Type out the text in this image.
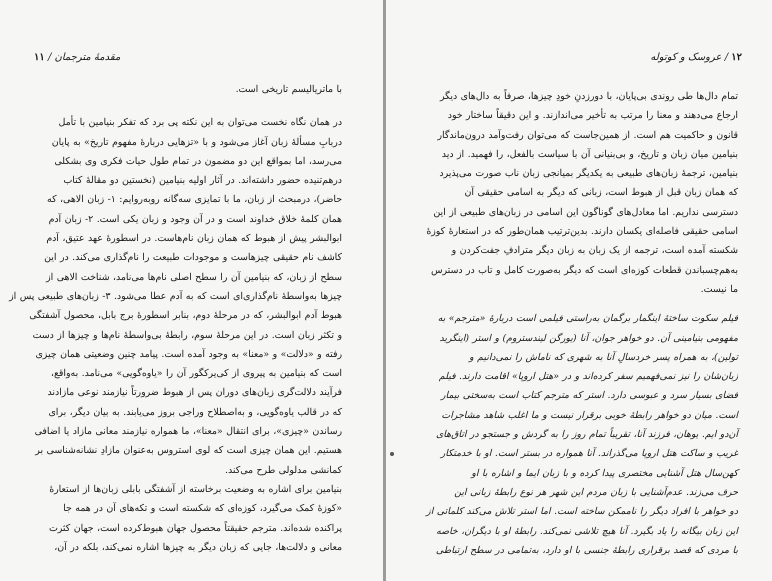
مقدمهٔ مترجمان / ۱۱
با ماتریالیسم تاریخی است.
در همان نگاه نخست می‌توان به این نکته پی برد که تفکر بنیامین با تأمل
دربابِ مسألهٔ زبان آغاز می‌شود و با «تزهایی دربارهٔ مفهوم تاریخ» به پایان
می‌رسد، اما بمواقع این دو مضمون در تمام طول حیات فکری وی بشکلی
درهم‌تنیده حضور داشته‌اند. در آثار اولیه بنیامین (نخستین دو مقالهٔ کتاب
حاضر)، درمبحث از زبان، ما با تمایزی سه‌گانه روبه‌روایم: ۱- زبان الاهی، که
همان کلمهٔ خلاق خداوند است و در آن وجود و زبان یکی است. ۲- زبان آدم
ابوالبشر پیش از هبوط که همان زبان نام‌هاست. در اسطورهٔ عهد عتیق، آدم
کاشف نام حقیقی چیزهاست و موجودات طبیعت را نام‌گذاری می‌کند. در این
سطح از زبان، که بنیامین آن را سطح اصلی نام‌ها می‌نامد، شناخت الاهی از
چیزها به‌واسطهٔ نام‌گذاری‌ای است که به آدم عطا می‌شود. ۳- زبان‌های طبیعی پس از
هبوط آدم ابوالبشر، که در مرحلهٔ دوم، بنابر اسطورهٔ برج بابل، محصول آشفتگی
و تکثر زبان است. در این مرحلهٔ سوم، رابطهٔ بی‌واسطهٔ نام‌ها و چیزها از دست
رفته و «دلالت» و «معنا» به وجود آمده است. پیامد چنین وضعیتی همان چیزی
است که بنیامین به پیروی از کی‌یرکگور آن را «یاوه‌گویی» می‌نامد. به‌واقع،
فرآیند دلالت‌گری زبان‌های دوران پس از هبوط ضرورتاً نیازمند نوعی مازاد‌ند
که در قالب یاوه‌گویی، و به‌اصطلاح وراجی بروز می‌یابند. به بیان دیگر، برای
رساندن «چیزی»، برای انتقال «معنا»، ما همواره نیازمند معانی مازاد یا اضافی
هستیم. این همان چیزی است که لوی استروس به‌عنوان مازادِ نشانه‌شناسی بر
کمانشی مدلولی طرح می‌کند.
بنیامین برای اشاره به وضعیت برخاسته از آشفتگی بابلی زبان‌ها از استعارهٔ
«کوزهٔ کمک می‌گیرد، کوزه‌ای که شکسته است و تکه‌های آن در همه جا
پراکنده شده‌اند. مترجم حقیقتاً محصول جهان هبوط‌کرده است، جهان کثرت
معانی و دلالت‌ها، جایی که زبان دیگر به چیزها اشاره نمی‌کند، بلکه در آن،
۱۲ / عروسک و کوتوله
تمام دال‌ها طی روندی بی‌پایان، با دورزدنِ خودِ چیزها، صرفاً به دال‌های دیگر
ارجاع می‌دهند و معنا را مرتب به تأخیر می‌اندازند. و این دقیقاً ساختار خود
قانون و حاکمیت هم است. از همین‌جاست که می‌توان رفت‌وآمد درون‌ماندگار
بنیامین میان زبان و تاریخ، و بی‌بنیانی آن با سیاست بالفعل، را فهمید. از دید
بنیامین، ترجمهٔ زبان‌های طبیعی به یکدیگر بمیانجی زبان ناب صورت می‌پذیرد
که همان زبان قبل از هبوط است، زبانی که دیگر به اسامی حقیقی آن
دسترسی نداریم. اما معادل‌های گوناگون این اسامی در زبان‌های طبیعی از این
اسامی حقیقی فاصله‌ای یکسان دارند. بدین‌ترتیب همان‌طور که در استعارهٔ کوزهٔ
شکسته آمده است، ترجمه از یک زبان به زبان دیگر مترادفِ جفت‌کردن و
به‌هم‌چسباندن قطعات کوزه‌ای است که دیگر به‌صورت کامل و تاب در دسترس
ما نیست.
فیلم سکوت ساختهٔ اینگمار برگمان به‌راستی فیلمی است دربارهٔ «مترجم» به
مفهومی بنیامینی آن. دو خواهر جوان، آنا (یورگن لیندستروم) و استر (اینگرید
تولین)، به همراه پسر خردسالِ آنا به شهری که ناماش را نمی‌دانیم و
زبان‌شان را نیز نمی‌فهمیم سفر کرده‌اند و در «هتل اروپا» اقامت دارند. فیلم
فضای بسیار سرد و عبوسی دارد. استر که مترجم کتاب است به‌سختی بیمار
است. میان دو خواهر رابطهٔ خوبی برقرار نیست و ما اغلب شاهد مشاجرات
آن‌دو ایم. یوهان، فرزند آنا، تقریباً تمام روز را به گردش و جستجو در اتاق‌های
غریب و ساکت هتل اروپا می‌گذراند. آنا همواره در بستر است. او با خدمتکار
کهن‌سال هتل آشنایی مختصری پیدا کرده و با زبان ایما و اشاره با او
حرف می‌زند. عدم‌آشنایی با زبان مردم این شهر هر نوع رابطهٔ زبانی این
دو خواهر با افراد دیگر را ناممکن ساخته است. اما استر تلاش می‌کند کلماتی از
این زبان بیگانه را یاد بگیرد. آنا هیچ تلاشی نمی‌کند. رابطهٔ او با دیگران، خاصه
با مردی که قصد برقراری رابطهٔ جنسی با او دارد، به‌تمامی در سطح ارتباطی
